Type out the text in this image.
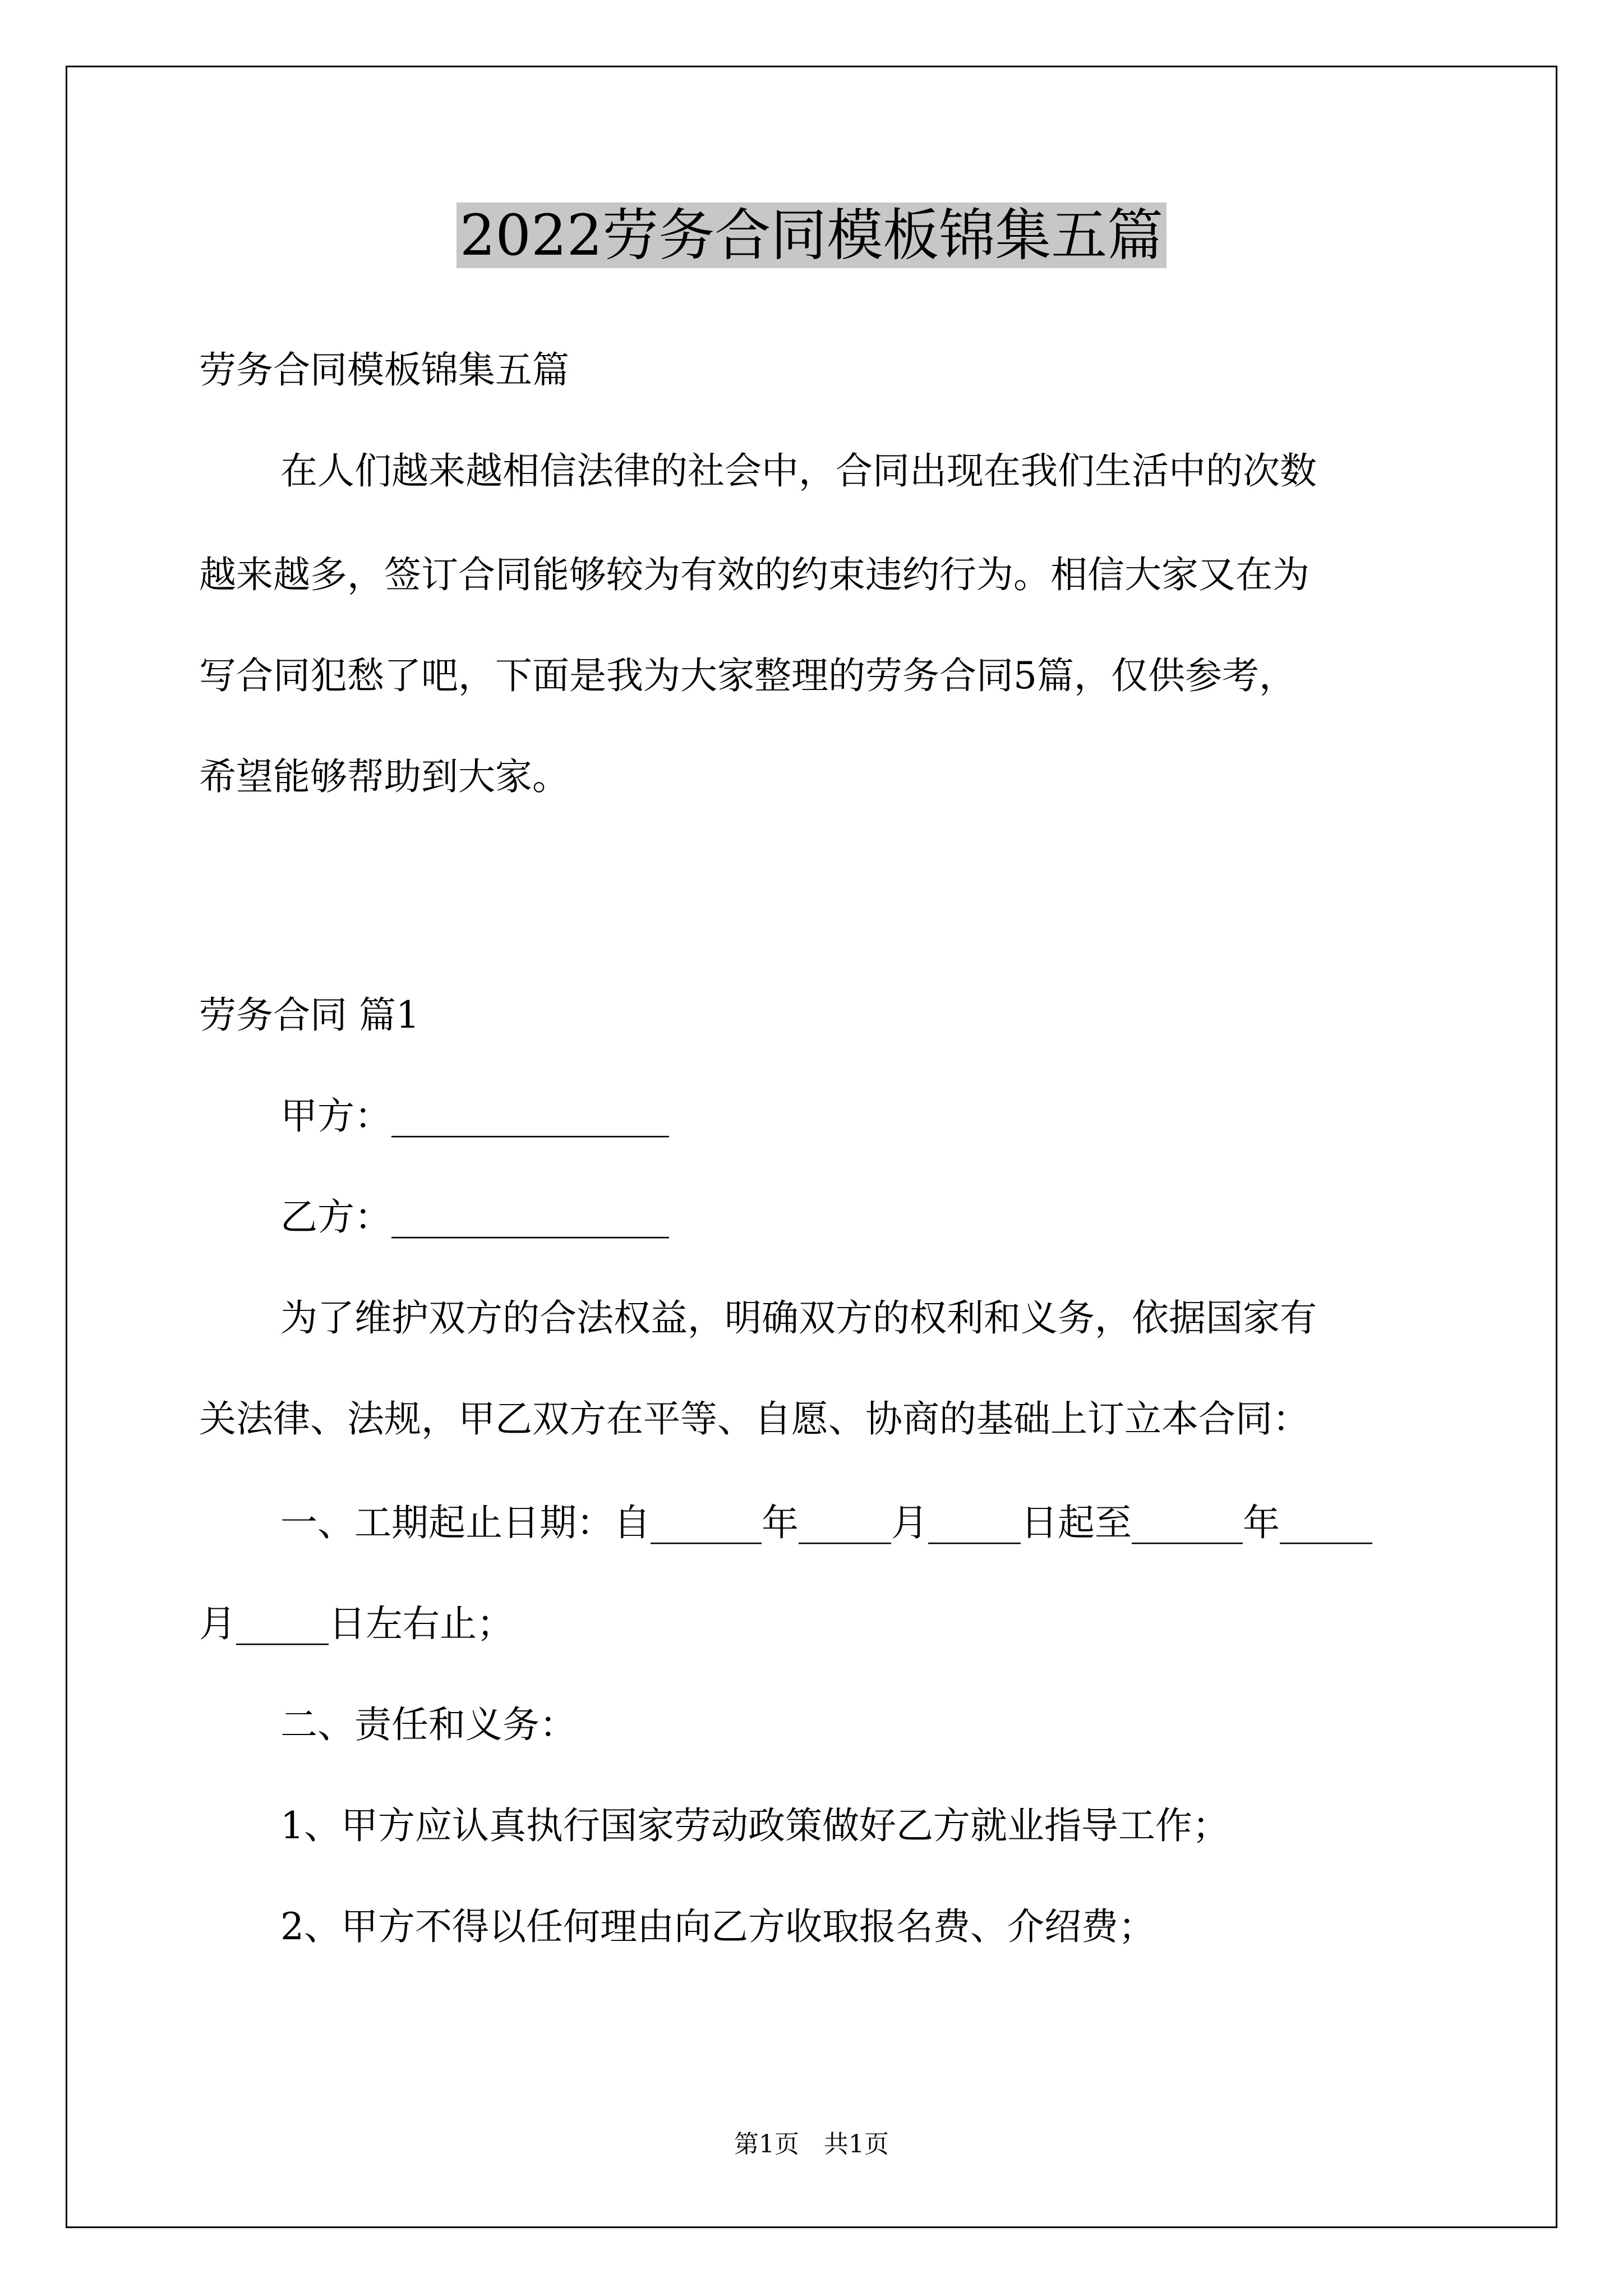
2022劳务合同模板锦集五篇
劳务合同模板锦集五篇
在人们越来越相信法律的社会中，合同出现在我们生活中的次数
越来越多，签订合同能够较为有效的约束违约行为。相信大家又在为
写合同犯愁了吧，下面是我为大家整理的劳务合同5篇，仅供参考，
希望能够帮助到大家。
劳务合同 篇1
甲方：_______________
乙方：_______________
为了维护双方的合法权益，明确双方的权利和义务，依据国家有
关法律、法规，甲乙双方在平等、自愿、协商的基础上订立本合同：
一、工期起止日期：自______年_____月_____日起至______年_____
月_____日左右止；
二、责任和义务：
1、甲方应认真执行国家劳动政策做好乙方就业指导工作；
2、甲方不得以任何理由向乙方收取报名费、介绍费；
第1页　共1页
